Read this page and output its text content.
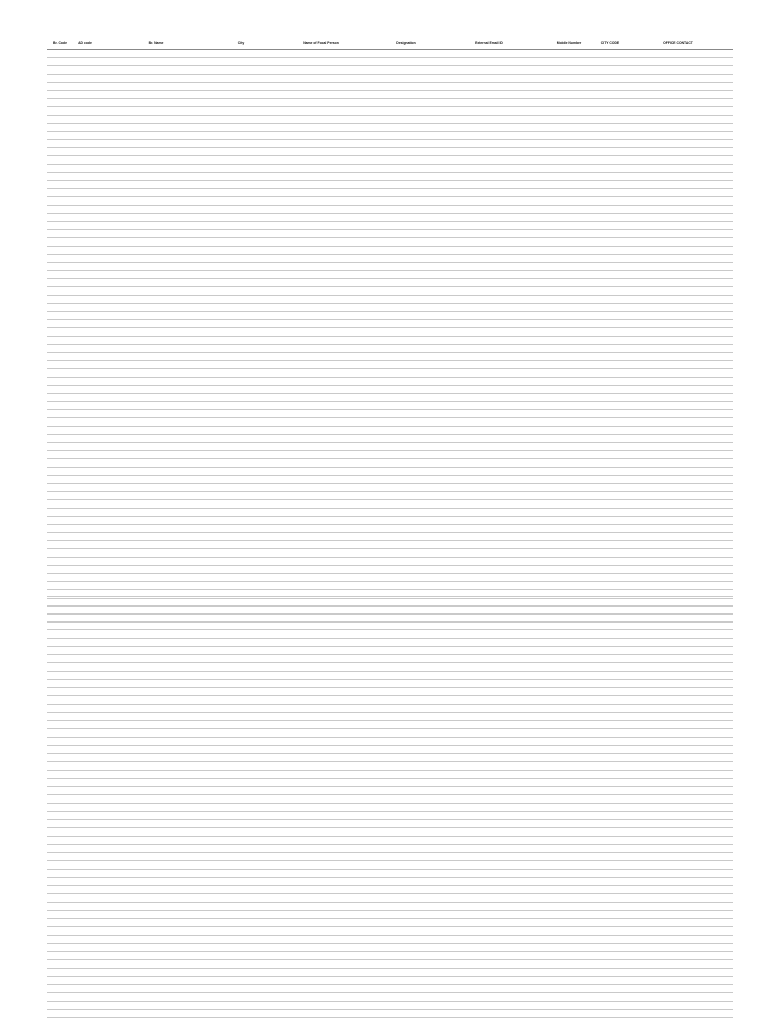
Br. Code	AD code	Br. Name	City	Name of Focal Person	Designation	External Email ID	Mobile Number	CITY CODE	OFFICE CONTACT
